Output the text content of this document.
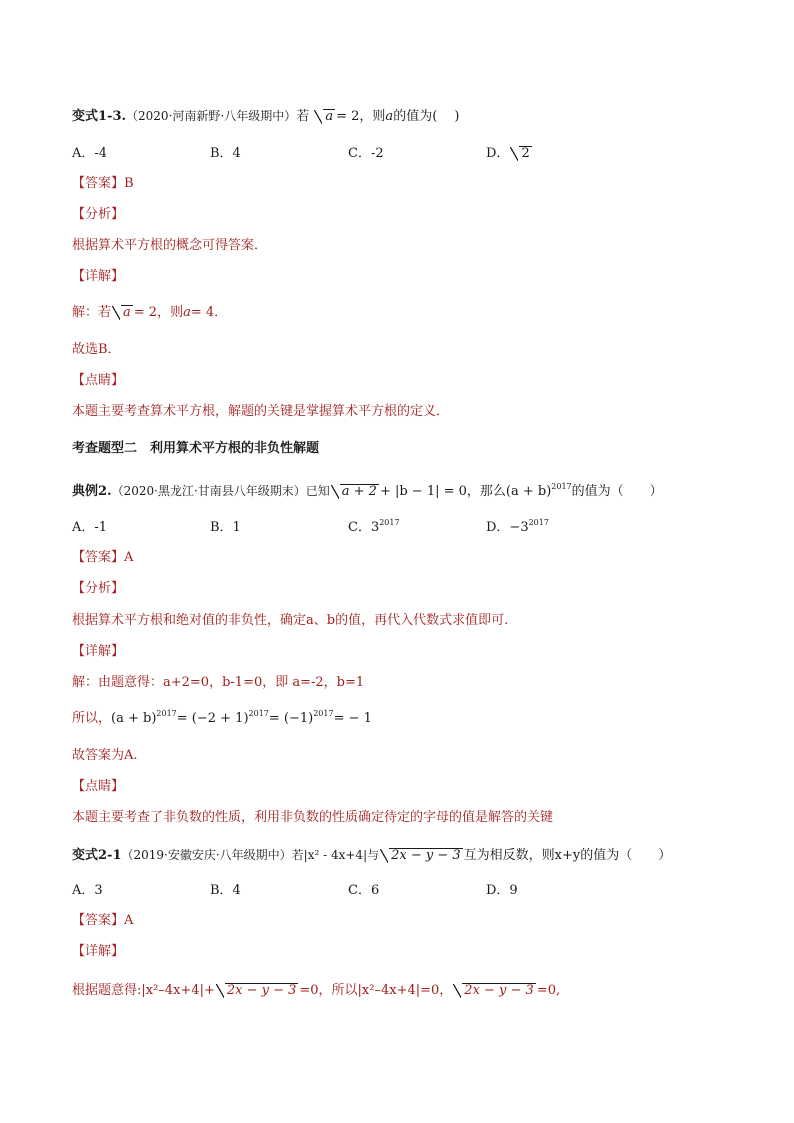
变式1-3.（2020·河南新野·八年级期中）若 a = 2，则a的值为(　 )
A．-4	B．4	C．-2	D． 2
【答案】B
【分析】
根据算术平方根的概念可得答案．
【详解】
解：若 a = 2，则a= 4．
故选B．
【点睛】
本题主要考查算术平方根，解题的关键是掌握算术平方根的定义．
考查题型二　利用算术平方根的非负性解题
典例2.（2020·黑龙江·甘南县八年级期末）已知 a + 2 + |b − 1| = 0，那么$(a + b)^{2017}$的值为（　　）
A．-1	B．1	C．$3^{2017}$	D．$-3^{2017}$
【答案】A
【分析】
根据算术平方根和绝对值的非负性，确定a、b的值，再代入代数式求值即可.
【详解】
解：由题意得：a+2=0，b-1=0，即 a=-2，b=1
所以，$(a + b)^{2017}= (-2 + 1)^{2017}= (-1)^{2017}= - 1$
故答案为A.
【点睛】
本题主要考查了非负数的性质，利用非负数的性质确定待定的字母的值是解答的关键
变式2-1（2019·安徽安庆·八年级期中）若|x² - 4x+4|与 2x − y − 3 互为相反数，则x+y的值为（　　）
A．3	B．4	C．6	D．9
【答案】A
【详解】
根据题意得:|x²–4x+4|+ 2x − y − 3 =0，所以|x²–4x+4|=0， 2x − y − 3 =0,
